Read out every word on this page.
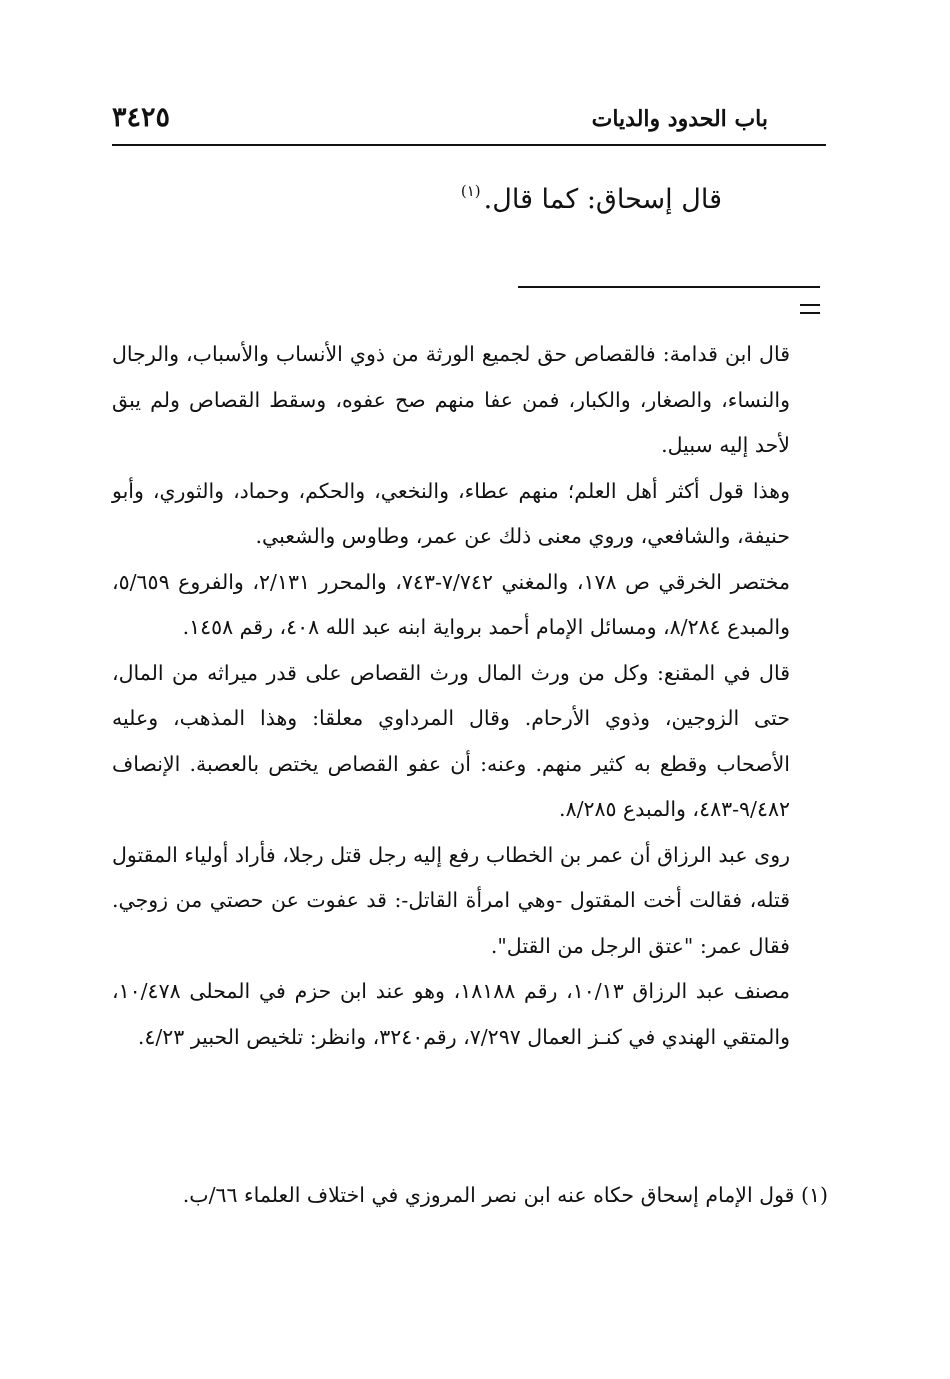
باب الحدود والديات
٣٤٢٥
قال إسحاق: كما قال.$^{(١)}$
قال ابن قدامة: فالقصاص حق لجميع الورثة من ذوي الأنساب والأسباب، والرجال والنساء، والصغار، والكبار، فمن عفا منهم صح عفوه، وسقط القصاص ولم يبق لأحد إليه سبيل.
وهذا قول أكثر أهل العلم؛ منهم عطاء، والنخعي، والحكم، وحماد، والثوري، وأبو حنيفة، والشافعي، وروي معنى ذلك عن عمر، وطاوس والشعبي.
مختصر الخرقي ص ١٧٨، والمغني ٧/٧٤٢-٧٤٣، والمحرر ٢/١٣١، والفروع ٥/٦٥٩، والمبدع ٨/٢٨٤، ومسائل الإمام أحمد برواية ابنه عبد الله ٤٠٨، رقم ١٤٥٨.
قال في المقنع: وكل من ورث المال ورث القصاص على قدر ميراثه من المال، حتى الزوجين، وذوي الأرحام. وقال المرداوي معلقا: وهذا المذهب، وعليه الأصحاب وقطع به كثير منهم. وعنه: أن عفو القصاص يختص بالعصبة. الإنصاف ٩/٤٨٢-٤٨٣، والمبدع ٨/٢٨٥.
روى عبد الرزاق أن عمر بن الخطاب رفع إليه رجل قتل رجلا، فأراد أولياء المقتول قتله، فقالت أخت المقتول -وهي امرأة القاتل-: قد عفوت عن حصتي من زوجي. فقال عمر: "عتق الرجل من القتل".
مصنف عبد الرزاق ١٠/١٣، رقم ١٨١٨٨، وهو عند ابن حزم في المحلى ١٠/٤٧٨، والمتقي الهندي في كنـز العمال ٧/٢٩٧، رقم٣٢٤٠، وانظر: تلخيص الحبير ٤/٢٣.
(١) قول الإمام إسحاق حكاه عنه ابن نصر المروزي في اختلاف العلماء ٦٦/ب.
